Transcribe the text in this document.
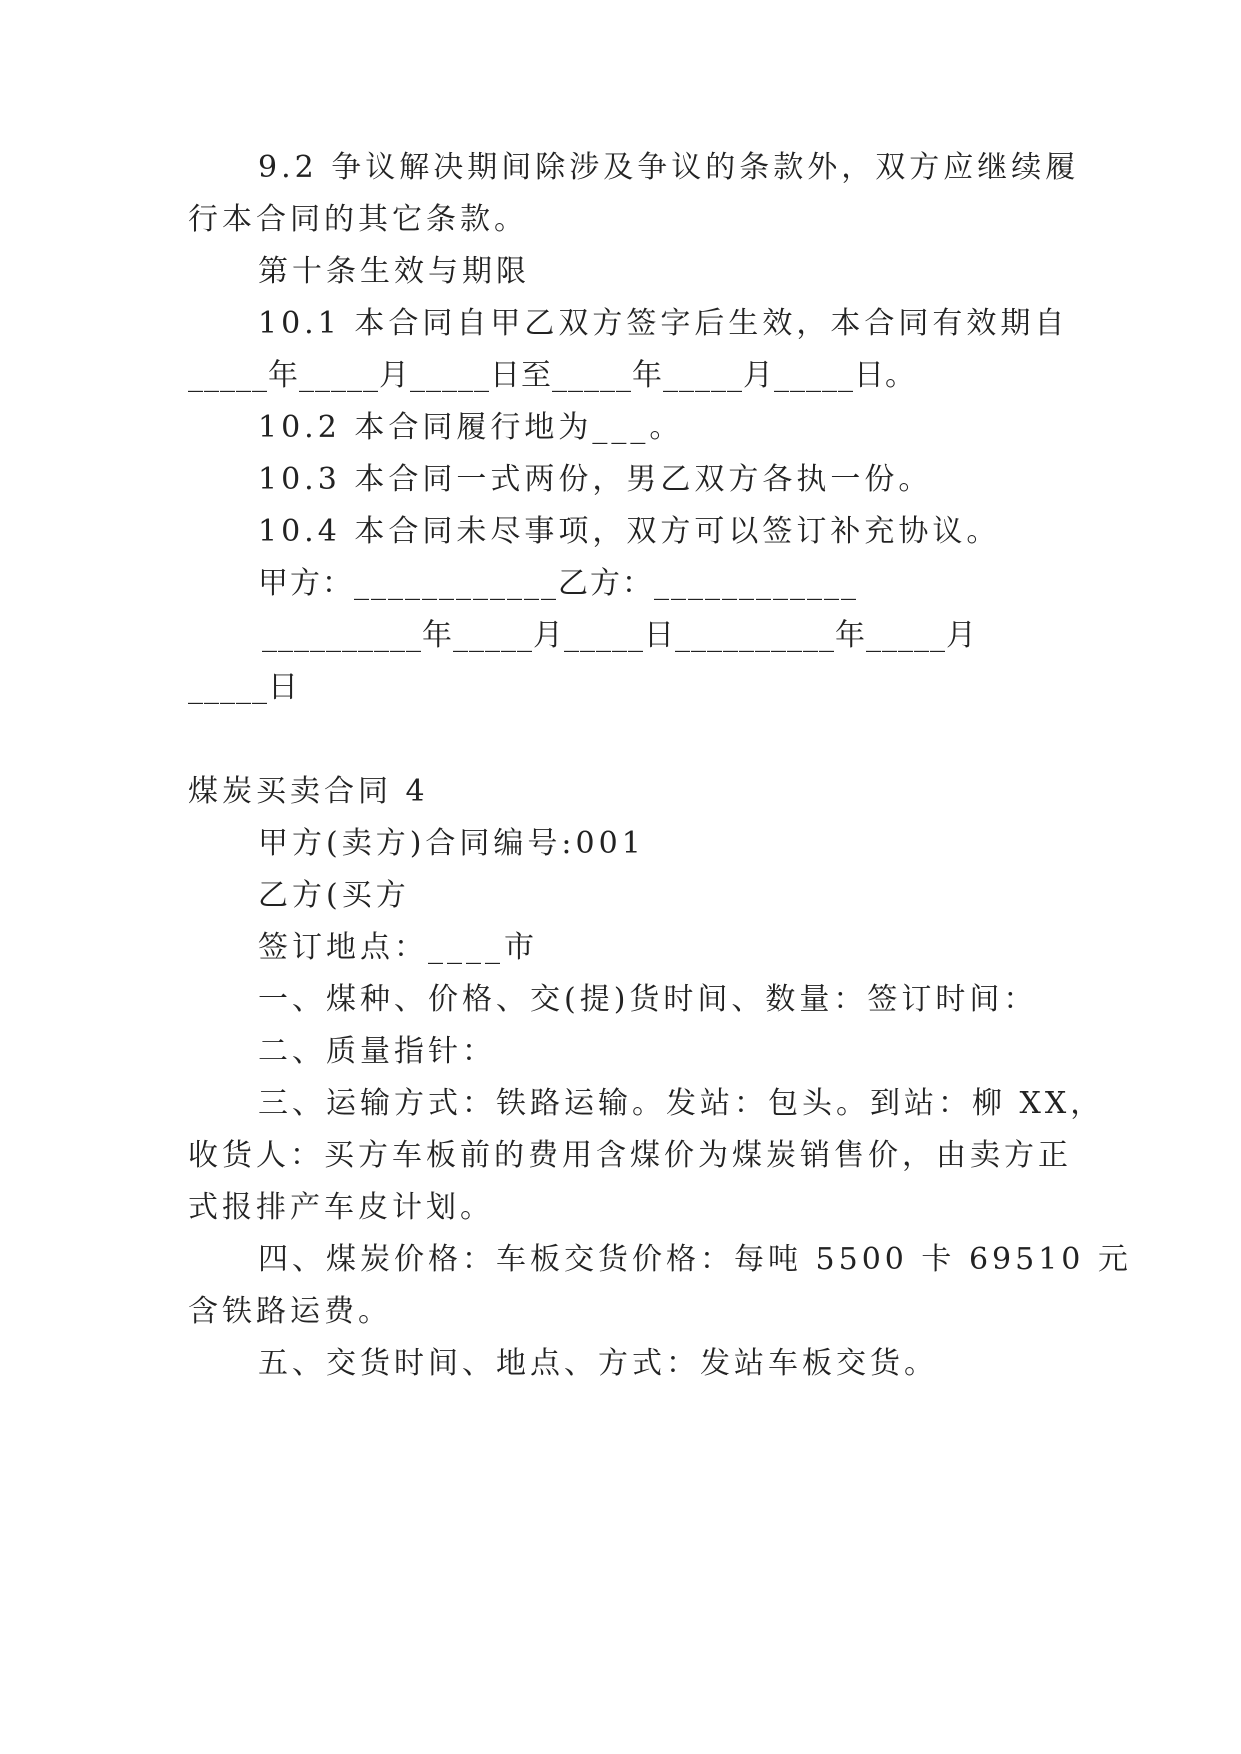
9.2 争议解决期间除涉及争议的条款外，双方应继续履
行本合同的其它条款。
第十条生效与期限
10.1 本合同自甲乙双方签字后生效，本合同有效期自
_____年_____月_____日至_____年_____月_____日。
10.2 本合同履行地为___。
10.3 本合同一式两份，男乙双方各执一份。
10.4 本合同未尽事项，双方可以签订补充协议。
甲方：____________乙方：____________
__________年_____月_____日__________年_____月
_____日
煤炭买卖合同 4
甲方(卖方)合同编号:001
乙方(买方
签订地点：____市
一、煤种、价格、交(提)货时间、数量：签订时间：
二、质量指针：
三、运输方式：铁路运输。发站：包头。到站：柳 XX，
收货人：买方车板前的费用含煤价为煤炭销售价，由卖方正
式报排产车皮计划。
四、煤炭价格：车板交货价格：每吨 5500 卡 69510 元
含铁路运费。
五、交货时间、地点、方式：发站车板交货。
